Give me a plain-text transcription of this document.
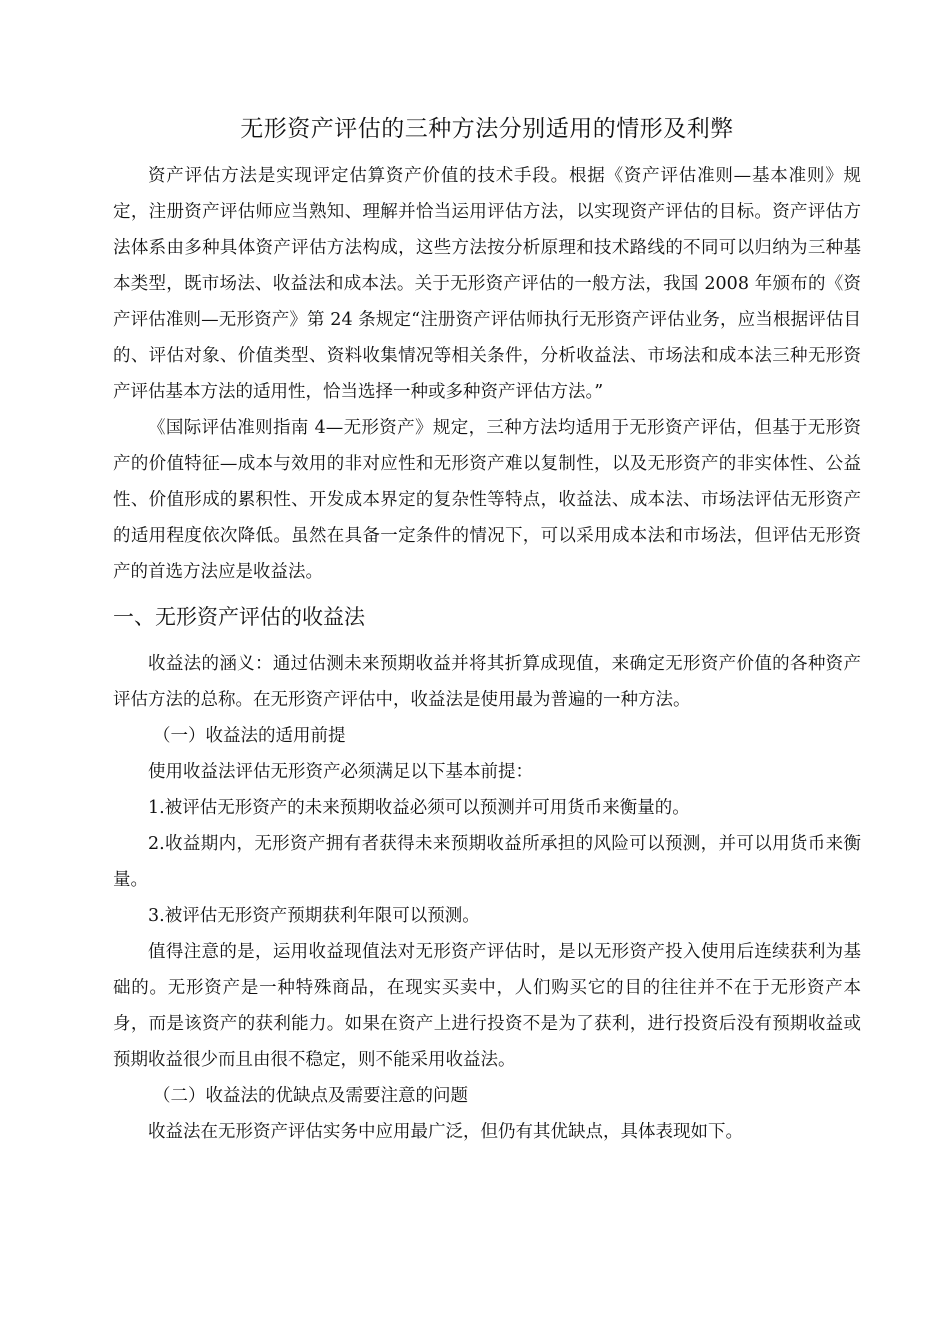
无形资产评估的三种方法分别适用的情形及利弊

资产评估方法是实现评定估算资产价值的技术手段。根据《资产评估准则—基本准则》规定，注册资产评估师应当熟知、理解并恰当运用评估方法，以实现资产评估的目标。资产评估方法体系由多种具体资产评估方法构成，这些方法按分析原理和技术路线的不同可以归纳为三种基本类型，既市场法、收益法和成本法。关于无形资产评估的一般方法，我国 2008 年颁布的《资产评估准则—无形资产》第 24 条规定“注册资产评估师执行无形资产评估业务，应当根据评估目的、评估对象、价值类型、资料收集情况等相关条件，分析收益法、市场法和成本法三种无形资产评估基本方法的适用性，恰当选择一种或多种资产评估方法。”

《国际评估准则指南 4—无形资产》规定，三种方法均适用于无形资产评估，但基于无形资产的价值特征—成本与效用的非对应性和无形资产难以复制性，以及无形资产的非实体性、公益性、价值形成的累积性、开发成本界定的复杂性等特点，收益法、成本法、市场法评估无形资产的适用程度依次降低。虽然在具备一定条件的情况下，可以采用成本法和市场法，但评估无形资产的首选方法应是收益法。

一、无形资产评估的收益法

收益法的涵义：通过估测未来预期收益并将其折算成现值，来确定无形资产价值的各种资产评估方法的总称。在无形资产评估中，收益法是使用最为普遍的一种方法。

（一）收益法的适用前提

使用收益法评估无形资产必须满足以下基本前提：

1.被评估无形资产的未来预期收益必须可以预测并可用货币来衡量的。

2.收益期内，无形资产拥有者获得未来预期收益所承担的风险可以预测，并可以用货币来衡量。

3.被评估无形资产预期获利年限可以预测。

值得注意的是，运用收益现值法对无形资产评估时，是以无形资产投入使用后连续获利为基础的。无形资产是一种特殊商品，在现实买卖中，人们购买它的目的往往并不在于无形资产本身，而是该资产的获利能力。如果在资产上进行投资不是为了获利，进行投资后没有预期收益或预期收益很少而且由很不稳定，则不能采用收益法。

（二）收益法的优缺点及需要注意的问题

收益法在无形资产评估实务中应用最广泛，但仍有其优缺点，具体表现如下。
